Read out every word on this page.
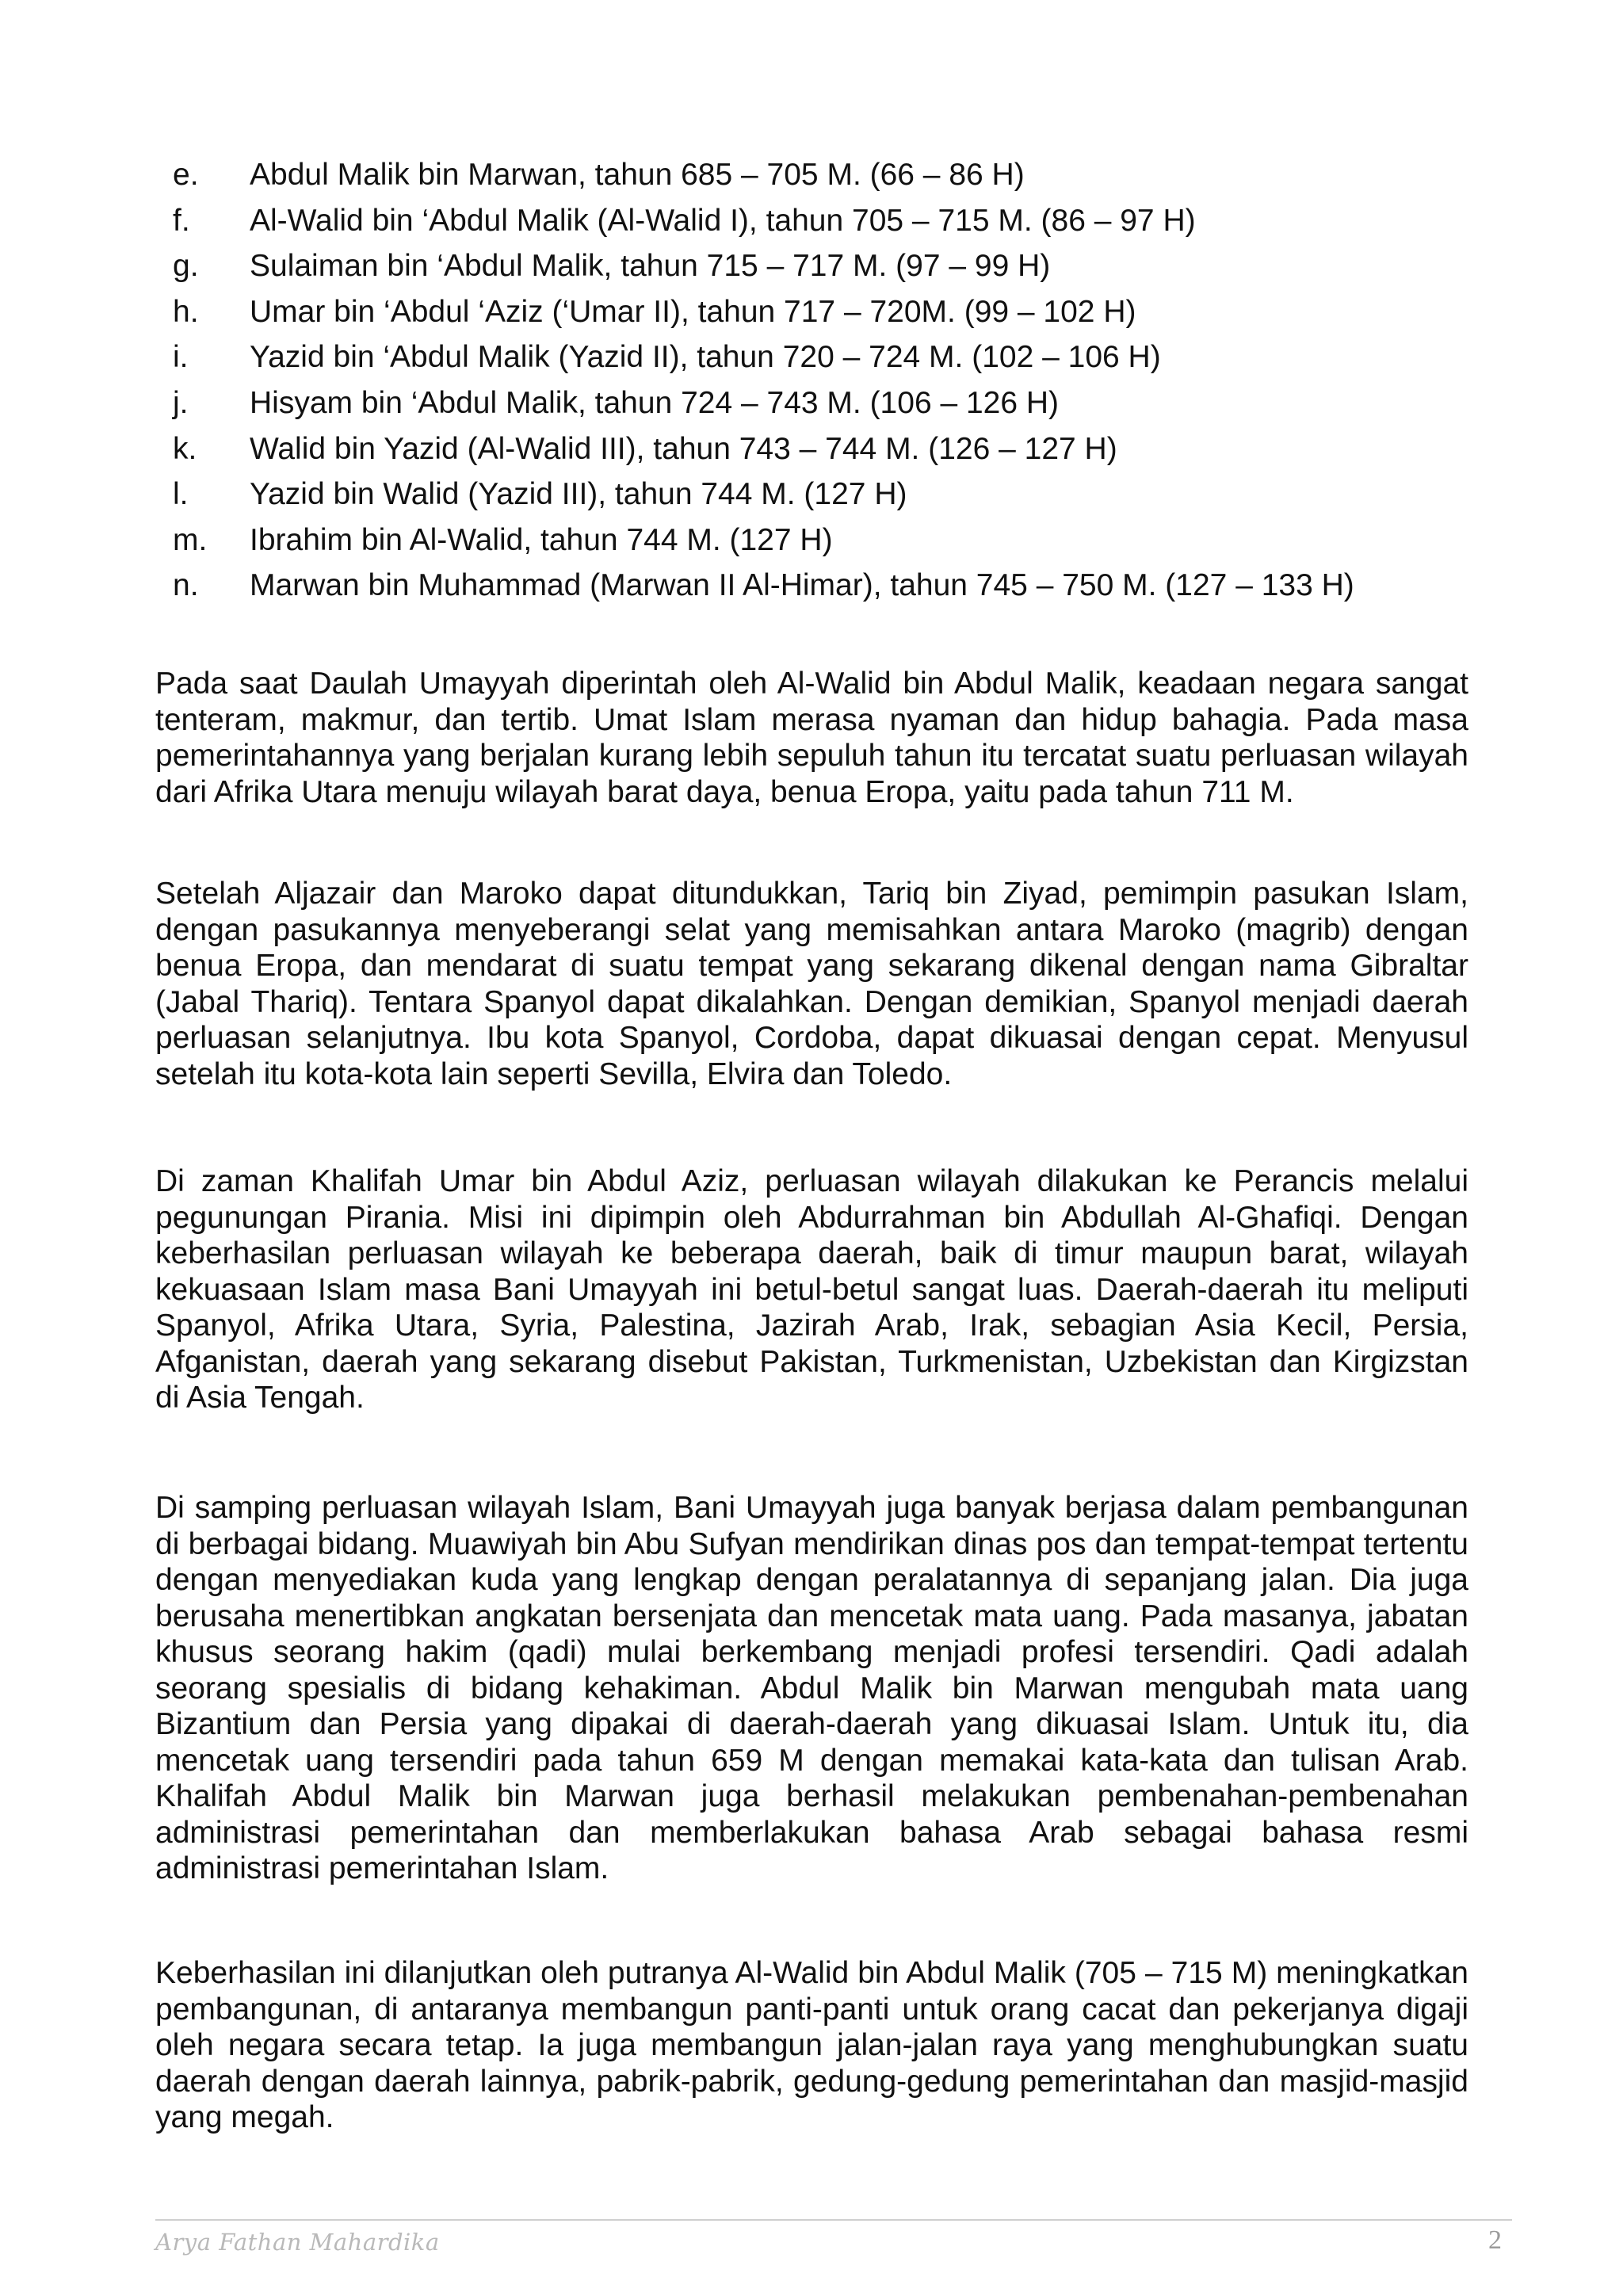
e.	Abdul Malik bin Marwan, tahun 685 – 705 M. (66 – 86 H)
f.	Al-Walid bin ‘Abdul Malik (Al-Walid I), tahun 705 – 715 M. (86 – 97 H)
g.	Sulaiman bin ‘Abdul Malik, tahun 715 – 717 M. (97 – 99 H)
h.	Umar bin ‘Abdul ‘Aziz (‘Umar II), tahun 717 – 720M. (99 – 102 H)
i.	Yazid bin ‘Abdul Malik (Yazid II), tahun 720 – 724 M. (102 – 106 H)
j.	Hisyam bin ‘Abdul Malik, tahun 724 – 743 M. (106 – 126 H)
k.	Walid bin Yazid (Al-Walid III), tahun 743 – 744 M. (126 – 127 H)
l.	Yazid bin Walid (Yazid III), tahun 744 M. (127 H)
m.	Ibrahim bin Al-Walid, tahun 744 M. (127 H)
n.	Marwan bin Muhammad (Marwan II Al-Himar), tahun 745 – 750 M. (127 – 133 H)

Pada saat Daulah Umayyah diperintah oleh Al-Walid bin Abdul Malik, keadaan negara sangat tenteram, makmur, dan tertib. Umat Islam merasa nyaman dan hidup bahagia. Pada masa pemerintahannya yang berjalan kurang lebih sepuluh tahun itu tercatat suatu perluasan wilayah dari Afrika Utara menuju wilayah barat daya, benua Eropa, yaitu pada tahun 711 M.

Setelah Aljazair dan Maroko dapat ditundukkan, Tariq bin Ziyad, pemimpin pasukan Islam, dengan pasukannya menyeberangi selat yang memisahkan antara Maroko (magrib) dengan benua Eropa, dan mendarat di suatu tempat yang sekarang dikenal dengan nama Gibraltar (Jabal Thariq). Tentara Spanyol dapat dikalahkan. Dengan demikian, Spanyol menjadi daerah perluasan selanjutnya. Ibu kota Spanyol, Cordoba, dapat dikuasai dengan cepat. Menyusul setelah itu kota-kota lain seperti Sevilla, Elvira dan Toledo.

Di zaman Khalifah Umar bin Abdul Aziz, perluasan wilayah dilakukan ke Perancis melalui pegunungan Pirania. Misi ini dipimpin oleh Abdurrahman bin Abdullah Al-Ghafiqi. Dengan keberhasilan perluasan wilayah ke beberapa daerah, baik di timur maupun barat, wilayah kekuasaan Islam masa Bani Umayyah ini betul-betul sangat luas. Daerah-daerah itu meliputi Spanyol, Afrika Utara, Syria, Palestina, Jazirah Arab, Irak, sebagian Asia Kecil, Persia, Afganistan, daerah yang sekarang disebut Pakistan, Turkmenistan, Uzbekistan dan Kirgizstan di Asia Tengah.

Di samping perluasan wilayah Islam, Bani Umayyah juga banyak berjasa dalam pembangunan di berbagai bidang. Muawiyah bin Abu Sufyan mendirikan dinas pos dan tempat-tempat tertentu dengan menyediakan kuda yang lengkap dengan peralatannya di sepanjang jalan. Dia juga berusaha menertibkan angkatan bersenjata dan mencetak mata uang. Pada masanya, jabatan khusus seorang hakim (qadi) mulai berkembang menjadi profesi tersendiri. Qadi adalah seorang spesialis di bidang kehakiman. Abdul Malik bin Marwan mengubah mata uang Bizantium dan Persia yang dipakai di daerah-daerah yang dikuasai Islam. Untuk itu, dia mencetak uang tersendiri pada tahun 659 M dengan memakai kata-kata dan tulisan Arab. Khalifah Abdul Malik bin Marwan juga berhasil melakukan pembenahan-pembenahan administrasi pemerintahan dan memberlakukan bahasa Arab sebagai bahasa resmi administrasi pemerintahan Islam.

Keberhasilan ini dilanjutkan oleh putranya Al-Walid bin Abdul Malik (705 – 715 M) meningkatkan pembangunan, di antaranya membangun panti-panti untuk orang cacat dan pekerjanya digaji oleh negara secara tetap. Ia juga membangun jalan-jalan raya yang menghubungkan suatu daerah dengan daerah lainnya, pabrik-pabrik, gedung-gedung pemerintahan dan masjid-masjid yang megah.

Arya Fathan Mahardika	2
